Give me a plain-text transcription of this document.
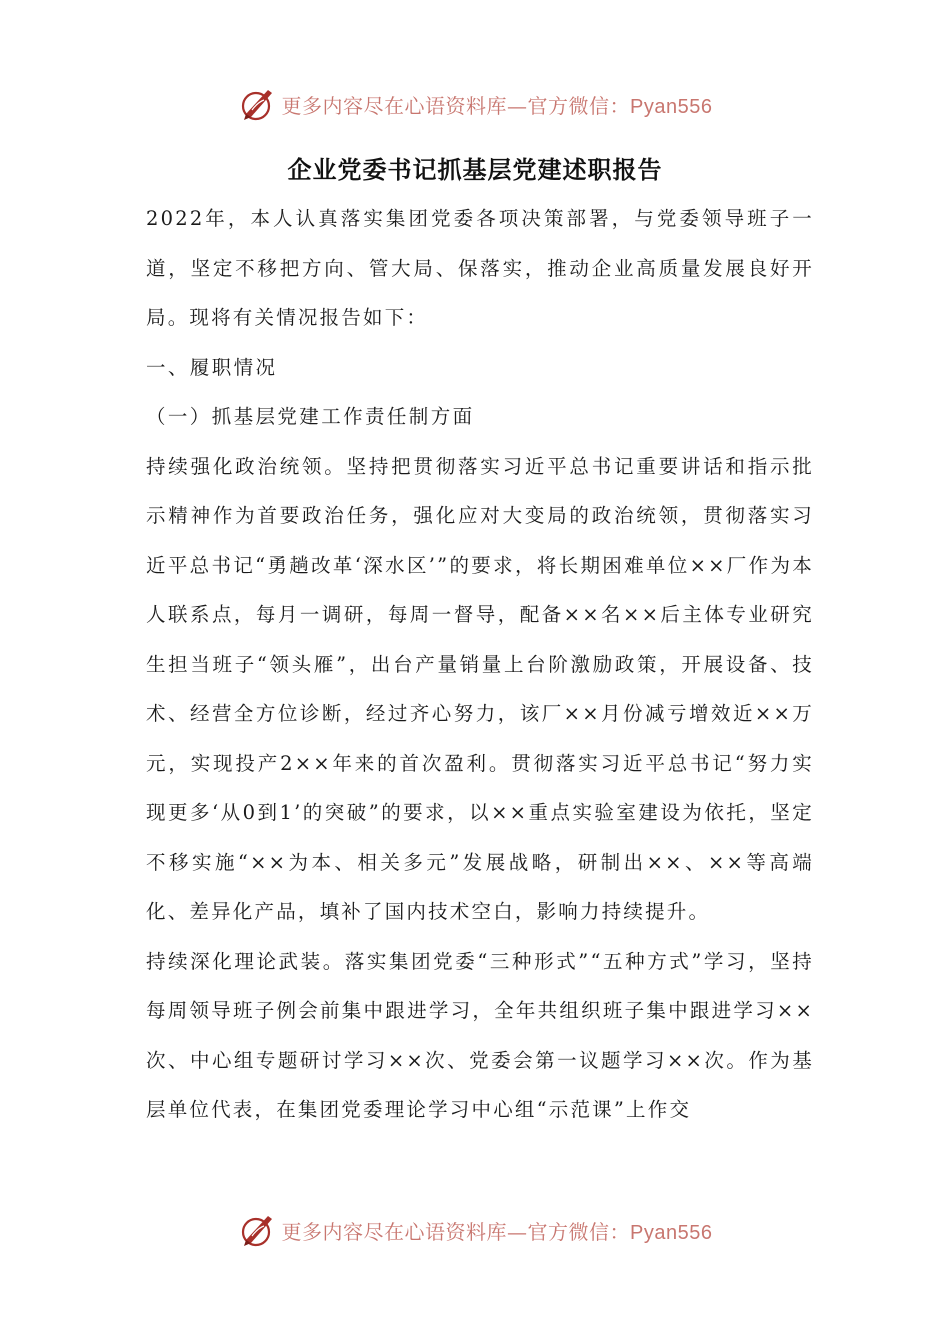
更多内容尽在心语资料库—官方微信：Pyan556
企业党委书记抓基层党建述职报告

2022年，本人认真落实集团党委各项决策部署，与党委领导班子一道，坚定不移把方向、管大局、保落实，推动企业高质量发展良好开局。现将有关情况报告如下：

一、履职情况

（一）抓基层党建工作责任制方面

持续强化政治统领。坚持把贯彻落实习近平总书记重要讲话和指示批示精神作为首要政治任务，强化应对大变局的政治统领，贯彻落实习近平总书记“勇趟改革‘深水区’”的要求，将长期困难单位××厂作为本人联系点，每月一调研，每周一督导，配备××名××后主体专业研究生担当班子“领头雁”，出台产量销量上台阶激励政策，开展设备、技术、经营全方位诊断，经过齐心努力，该厂××月份减亏增效近××万元，实现投产2××年来的首次盈利。贯彻落实习近平总书记“努力实现更多‘从0到1’的突破”的要求，以××重点实验室建设为依托，坚定不移实施“××为本、相关多元”发展战略，研制出××、××等高端化、差异化产品，填补了国内技术空白，影响力持续提升。

持续深化理论武装。落实集团党委“三种形式”“五种方式”学习，坚持每周领导班子例会前集中跟进学习，全年共组织班子集中跟进学习××次、中心组专题研讨学习××次、党委会第一议题学习××次。作为基层单位代表，在集团党委理论学习中心组“示范课”上作交

更多内容尽在心语资料库—官方微信：Pyan556
